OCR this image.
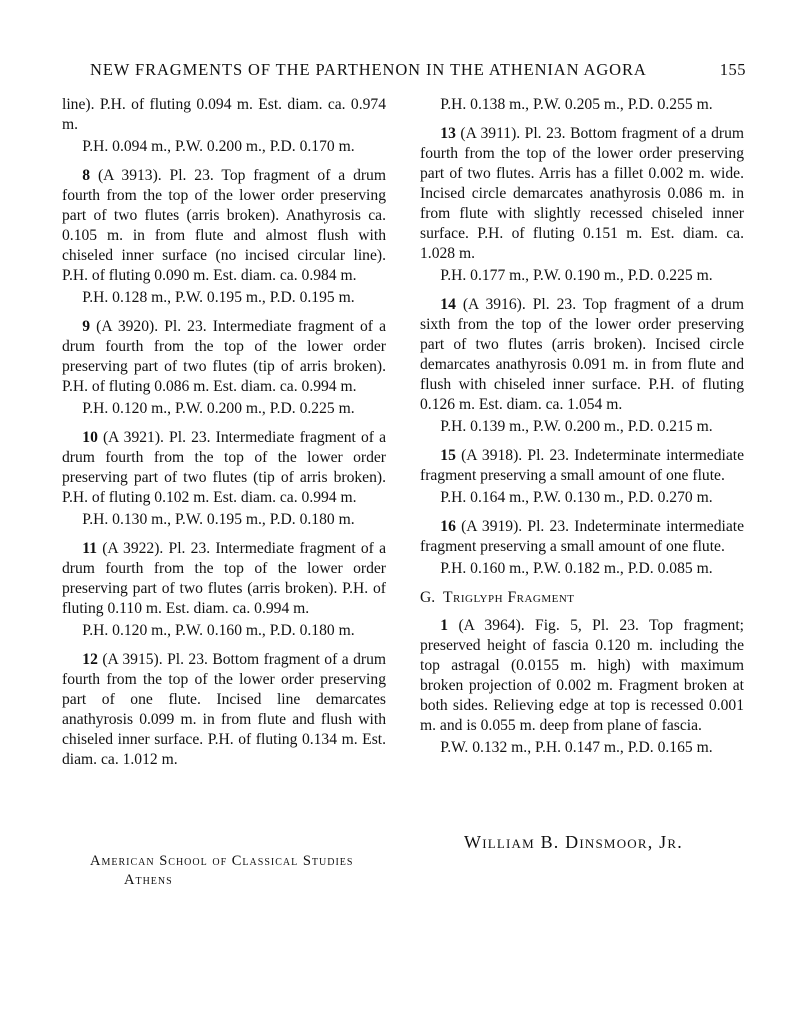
NEW FRAGMENTS OF THE PARTHENON IN THE ATHENIAN AGORA	155

line). P.H. of fluting 0.094 m. Est. diam. ca. 0.974 m.

P.H. 0.094 m., P.W. 0.200 m., P.D. 0.170 m.

8 (A 3913). Pl. 23. Top fragment of a drum fourth from the top of the lower order preserving part of two flutes (arris broken). Anathyrosis ca. 0.105 m. in from flute and almost flush with chiseled inner surface (no incised circular line). P.H. of fluting 0.090 m. Est. diam. ca. 0.984 m.

P.H. 0.128 m., P.W. 0.195 m., P.D. 0.195 m.

9 (A 3920). Pl. 23. Intermediate fragment of a drum fourth from the top of the lower order preserving part of two flutes (tip of arris broken). P.H. of fluting 0.086 m. Est. diam. ca. 0.994 m.

P.H. 0.120 m., P.W. 0.200 m., P.D. 0.225 m.

10 (A 3921). Pl. 23. Intermediate fragment of a drum fourth from the top of the lower order preserving part of two flutes (tip of arris broken). P.H. of fluting 0.102 m. Est. diam. ca. 0.994 m.

P.H. 0.130 m., P.W. 0.195 m., P.D. 0.180 m.

11 (A 3922). Pl. 23. Intermediate fragment of a drum fourth from the top of the lower order preserving part of two flutes (arris broken). P.H. of fluting 0.110 m. Est. diam. ca. 0.994 m.

P.H. 0.120 m., P.W. 0.160 m., P.D. 0.180 m.

12 (A 3915). Pl. 23. Bottom fragment of a drum fourth from the top of the lower order preserving part of one flute. Incised line demarcates anathyrosis 0.099 m. in from flute and flush with chiseled inner surface. P.H. of fluting 0.134 m. Est. diam. ca. 1.012 m.

P.H. 0.138 m., P.W. 0.205 m., P.D. 0.255 m.

13 (A 3911). Pl. 23. Bottom fragment of a drum fourth from the top of the lower order preserving part of two flutes. Arris has a fillet 0.002 m. wide. Incised circle demarcates anathyrosis 0.086 m. in from flute with slightly recessed chiseled inner surface. P.H. of fluting 0.151 m. Est. diam. ca. 1.028 m.

P.H. 0.177 m., P.W. 0.190 m., P.D. 0.225 m.

14 (A 3916). Pl. 23. Top fragment of a drum sixth from the top of the lower order preserving part of two flutes (arris broken). Incised circle demarcates anathyrosis 0.091 m. in from flute and flush with chiseled inner surface. P.H. of fluting 0.126 m. Est. diam. ca. 1.054 m.

P.H. 0.139 m., P.W. 0.200 m., P.D. 0.215 m.

15 (A 3918). Pl. 23. Indeterminate intermediate fragment preserving a small amount of one flute.

P.H. 0.164 m., P.W. 0.130 m., P.D. 0.270 m.

16 (A 3919). Pl. 23. Indeterminate intermediate fragment preserving a small amount of one flute.

P.H. 0.160 m., P.W. 0.182 m., P.D. 0.085 m.

G. Triglyph Fragment

1 (A 3964). Fig. 5, Pl. 23. Top fragment; preserved height of fascia 0.120 m. including the top astragal (0.0155 m. high) with maximum broken projection of 0.002 m. Fragment broken at both sides. Relieving edge at top is recessed 0.001 m. and is 0.055 m. deep from plane of fascia.

P.W. 0.132 m., P.H. 0.147 m., P.D. 0.165 m.

William B. Dinsmoor, Jr.
American School of Classical Studies
Athens
